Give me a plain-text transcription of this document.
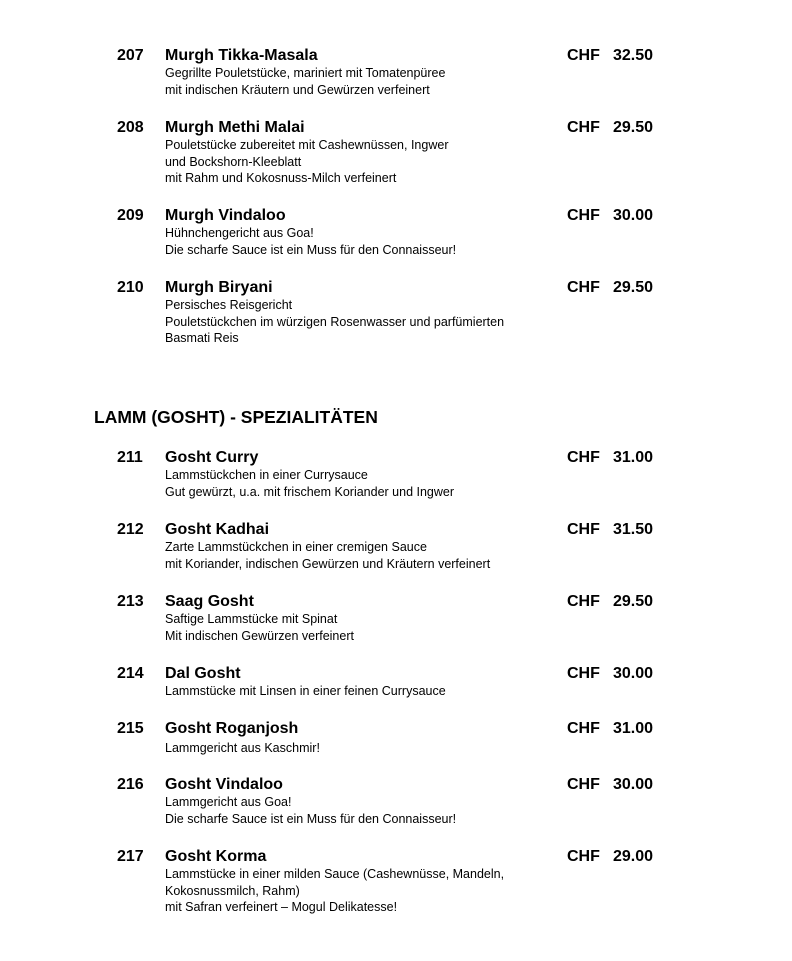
207 Murgh Tikka-Masala	CHF 32.50
Gegrillte Pouletstücke, mariniert mit Tomatenpüree
mit indischen Kräutern und Gewürzen verfeinert
208 Murgh Methi Malai	CHF 29.50
Pouletstücke zubereitet mit Cashewnüssen, Ingwer
und Bockshorn-Kleeblatt
mit Rahm und Kokosnuss-Milch verfeinert
209 Murgh Vindaloo	CHF 30.00
Hühnchengericht aus Goa!
Die scharfe Sauce ist ein Muss für den Connaisseur!
210 Murgh Biryani	CHF 29.50
Persisches Reisgericht
Pouletstückchen im würzigen Rosenwasser und parfümierten
Basmati Reis
LAMM (GOSHT) - SPEZIALITÄTEN
211 Gosht Curry	CHF 31.00
Lammstückchen in einer Currysauce
Gut gewürzt, u.a. mit frischem Koriander und Ingwer
212 Gosht Kadhai	CHF 31.50
Zarte Lammstückchen in einer cremigen Sauce
mit Koriander, indischen Gewürzen und Kräutern verfeinert
213 Saag Gosht	CHF 29.50
Saftige Lammstücke mit Spinat
Mit indischen Gewürzen verfeinert
214 Dal Gosht	CHF 30.00
Lammstücke mit Linsen in einer feinen Currysauce
215 Gosht Roganjosh	CHF 31.00
Lammgericht aus Kaschmir!
216 Gosht Vindaloo	CHF 30.00
Lammgericht aus Goa!
Die scharfe Sauce ist ein Muss für den Connaisseur!
217 Gosht Korma	CHF 29.00
Lammstücke in einer milden Sauce (Cashewnüsse, Mandeln,
Kokosnussmilch, Rahm)
mit Safran verfeinert – Mogul Delikatesse!
